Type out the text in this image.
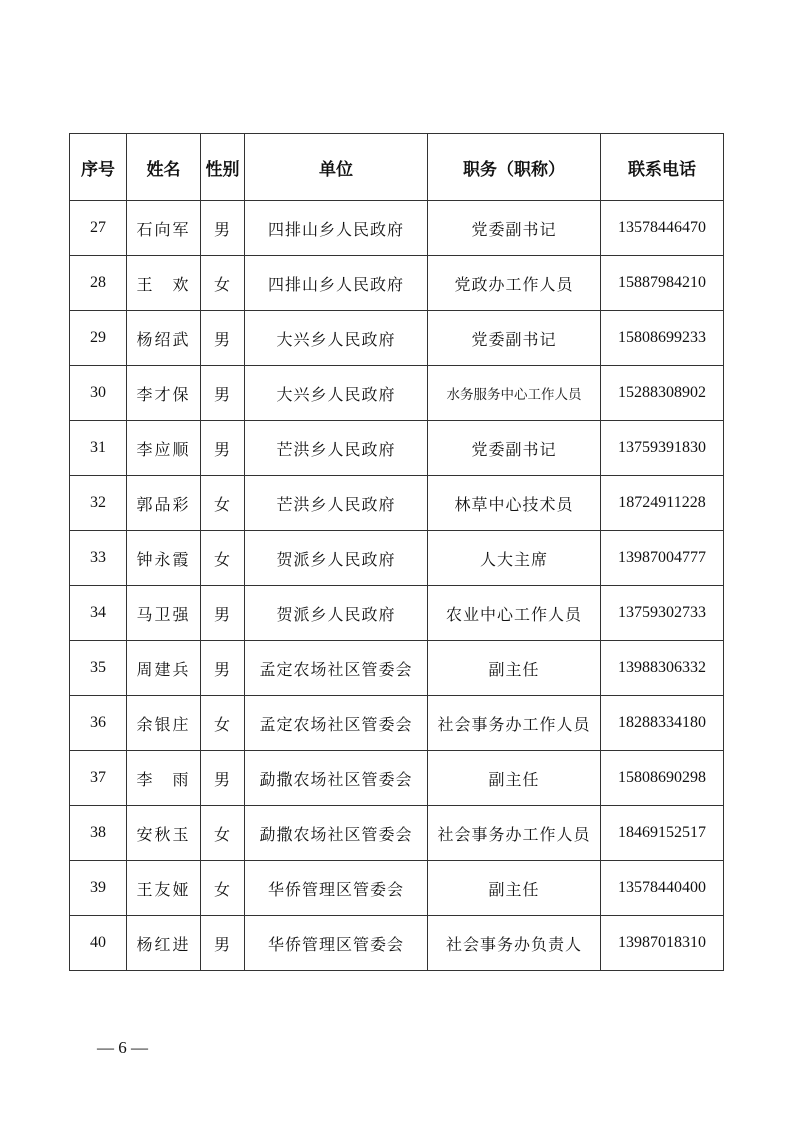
序号	姓名	性别	单位	职务（职称）	联系电话
27	石向军	男	四排山乡人民政府	党委副书记	13578446470
28	王　欢	女	四排山乡人民政府	党政办工作人员	15887984210
29	杨绍武	男	大兴乡人民政府	党委副书记	15808699233
30	李才保	男	大兴乡人民政府	水务服务中心工作人员	15288308902
31	李应顺	男	芒洪乡人民政府	党委副书记	13759391830
32	郭品彩	女	芒洪乡人民政府	林草中心技术员	18724911228
33	钟永霞	女	贺派乡人民政府	人大主席	13987004777
34	马卫强	男	贺派乡人民政府	农业中心工作人员	13759302733
35	周建兵	男	孟定农场社区管委会	副主任	13988306332
36	余银庄	女	孟定农场社区管委会	社会事务办工作人员	18288334180
37	李　雨	男	勐撒农场社区管委会	副主任	15808690298
38	安秋玉	女	勐撒农场社区管委会	社会事务办工作人员	18469152517
39	王友娅	女	华侨管理区管委会	副主任	13578440400
40	杨红进	男	华侨管理区管委会	社会事务办负责人	13987018310
— 6 —
